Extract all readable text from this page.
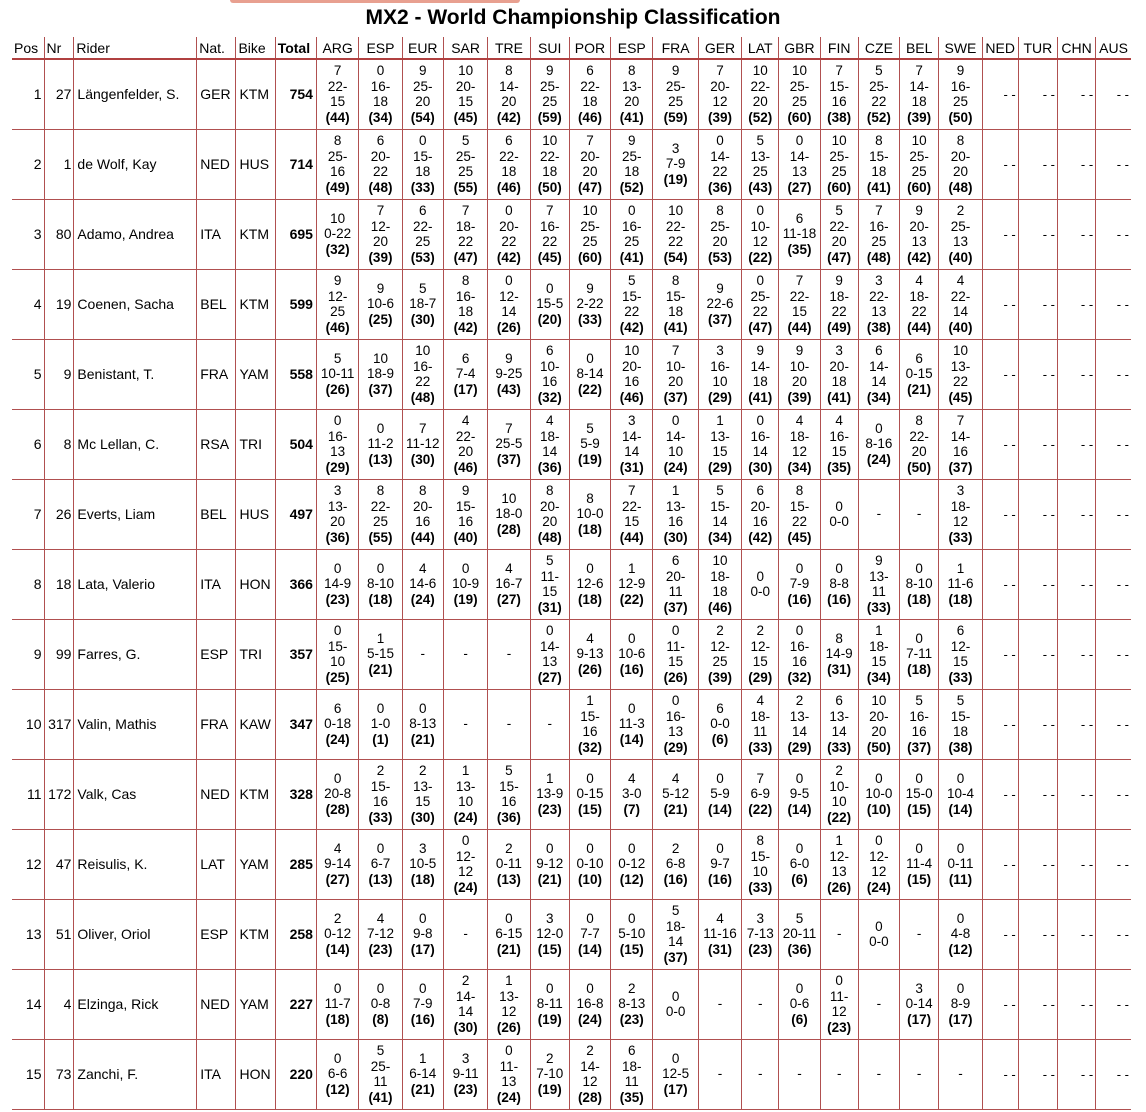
MX2 - World Championship Classification
Pos	Nr	Rider	Nat.	Bike	Total	ARG	ESP	EUR	SAR	TRE	SUI	POR	ESP	FRA	GER	LAT	GBR	FIN	CZE	BEL	SWE	NED	TUR	CHN	AUS
1	27	Längenfelder, S.	GER	KTM	754	7
22-
15
(44)	0
16-
18
(34)	9
25-
20
(54)	10
20-
15
(45)	8
14-
20
(42)	9
25-
25
(59)	6
22-
18
(46)	8
13-
20
(41)	9
25-
25
(59)	7
20-
12
(39)	10
22-
20
(52)	10
25-
25
(60)	7
15-
16
(38)	5
25-
22
(52)	7
14-
18
(39)	9
16-
25
(50)	- -	- -	- -	- -
2	1	de Wolf, Kay	NED	HUS	714	8
25-
16
(49)	6
20-
22
(48)	0
15-
18
(33)	5
25-
25
(55)	6
22-
18
(46)	10
22-
18
(50)	7
20-
20
(47)	9
25-
18
(52)	3
7-9
(19)	0
14-
22
(36)	5
13-
25
(43)	0
14-
13
(27)	10
25-
25
(60)	8
15-
18
(41)	10
25-
25
(60)	8
20-
20
(48)	- -	- -	- -	- -
3	80	Adamo, Andrea	ITA	KTM	695	10
0-22
(32)	7
12-
20
(39)	6
22-
25
(53)	7
18-
22
(47)	0
20-
22
(42)	7
16-
22
(45)	10
25-
25
(60)	0
16-
25
(41)	10
22-
22
(54)	8
25-
20
(53)	0
10-
12
(22)	6
11-18
(35)	5
22-
20
(47)	7
16-
25
(48)	9
20-
13
(42)	2
25-
13
(40)	- -	- -	- -	- -
4	19	Coenen, Sacha	BEL	KTM	599	9
12-
25
(46)	9
10-6
(25)	5
18-7
(30)	8
16-
18
(42)	0
12-
14
(26)	0
15-5
(20)	9
2-22
(33)	5
15-
22
(42)	8
15-
18
(41)	9
22-6
(37)	0
25-
22
(47)	7
22-
15
(44)	9
18-
22
(49)	3
22-
13
(38)	4
18-
22
(44)	4
22-
14
(40)	- -	- -	- -	- -
5	9	Benistant, T.	FRA	YAM	558	5
10-11
(26)	10
18-9
(37)	10
16-
22
(48)	6
7-4
(17)	9
9-25
(43)	6
10-
16
(32)	0
8-14
(22)	10
20-
16
(46)	7
10-
20
(37)	3
16-
10
(29)	9
14-
18
(41)	9
10-
20
(39)	3
20-
18
(41)	6
14-
14
(34)	6
0-15
(21)	10
13-
22
(45)	- -	- -	- -	- -
6	8	Mc Lellan, C.	RSA	TRI	504	0
16-
13
(29)	0
11-2
(13)	7
11-12
(30)	4
22-
20
(46)	7
25-5
(37)	4
18-
14
(36)	5
5-9
(19)	3
14-
14
(31)	0
14-
10
(24)	1
13-
15
(29)	0
16-
14
(30)	4
18-
12
(34)	4
16-
15
(35)	0
8-16
(24)	8
22-
20
(50)	7
14-
16
(37)	- -	- -	- -	- -
7	26	Everts, Liam	BEL	HUS	497	3
13-
20
(36)	8
22-
25
(55)	8
20-
16
(44)	9
15-
16
(40)	10
18-0
(28)	8
20-
20
(48)	8
10-0
(18)	7
22-
15
(44)	1
13-
16
(30)	5
15-
14
(34)	6
20-
16
(42)	8
15-
22
(45)	0
0-0	-	-	3
18-
12
(33)	- -	- -	- -	- -
8	18	Lata, Valerio	ITA	HON	366	0
14-9
(23)	0
8-10
(18)	4
14-6
(24)	0
10-9
(19)	4
16-7
(27)	5
11-
15
(31)	0
12-6
(18)	1
12-9
(22)	6
20-
11
(37)	10
18-
18
(46)	0
0-0	0
7-9
(16)	0
8-8
(16)	9
13-
11
(33)	0
8-10
(18)	1
11-6
(18)	- -	- -	- -	- -
9	99	Farres, G.	ESP	TRI	357	0
15-
10
(25)	1
5-15
(21)	-	-	-	0
14-
13
(27)	4
9-13
(26)	0
10-6
(16)	0
11-
15
(26)	2
12-
25
(39)	2
12-
15
(29)	0
16-
16
(32)	8
14-9
(31)	1
18-
15
(34)	0
7-11
(18)	6
12-
15
(33)	- -	- -	- -	- -
10	317	Valin, Mathis	FRA	KAW	347	6
0-18
(24)	0
1-0
(1)	0
8-13
(21)	-	-	-	1
15-
16
(32)	0
11-3
(14)	0
16-
13
(29)	6
0-0
(6)	4
18-
11
(33)	2
13-
14
(29)	6
13-
14
(33)	10
20-
20
(50)	5
16-
16
(37)	5
15-
18
(38)	- -	- -	- -	- -
11	172	Valk, Cas	NED	KTM	328	0
20-8
(28)	2
15-
16
(33)	2
13-
15
(30)	1
13-
10
(24)	5
15-
16
(36)	1
13-9
(23)	0
0-15
(15)	4
3-0
(7)	4
5-12
(21)	0
5-9
(14)	7
6-9
(22)	0
9-5
(14)	2
10-
10
(22)	0
10-0
(10)	0
15-0
(15)	0
10-4
(14)	- -	- -	- -	- -
12	47	Reisulis, K.	LAT	YAM	285	4
9-14
(27)	0
6-7
(13)	3
10-5
(18)	0
12-
12
(24)	2
0-11
(13)	0
9-12
(21)	0
0-10
(10)	0
0-12
(12)	2
6-8
(16)	0
9-7
(16)	8
15-
10
(33)	0
6-0
(6)	1
12-
13
(26)	0
12-
12
(24)	0
11-4
(15)	0
0-11
(11)	- -	- -	- -	- -
13	51	Oliver, Oriol	ESP	KTM	258	2
0-12
(14)	4
7-12
(23)	0
9-8
(17)	-	0
6-15
(21)	3
12-0
(15)	0
7-7
(14)	0
5-10
(15)	5
18-
14
(37)	4
11-16
(31)	3
7-13
(23)	5
20-11
(36)	-	0
0-0	-	0
4-8
(12)	- -	- -	- -	- -
14	4	Elzinga, Rick	NED	YAM	227	0
11-7
(18)	0
0-8
(8)	0
7-9
(16)	2
14-
14
(30)	1
13-
12
(26)	0
8-11
(19)	0
16-8
(24)	2
8-13
(23)	0
0-0	-	-	0
0-6
(6)	0
11-
12
(23)	-	3
0-14
(17)	0
8-9
(17)	- -	- -	- -	- -
15	73	Zanchi, F.	ITA	HON	220	0
6-6
(12)	5
25-
11
(41)	1
6-14
(21)	3
9-11
(23)	0
11-
13
(24)	2
7-10
(19)	2
14-
12
(28)	6
18-
11
(35)	0
12-5
(17)	-	-	-	-	-	-	-	- -	- -	- -	- -
